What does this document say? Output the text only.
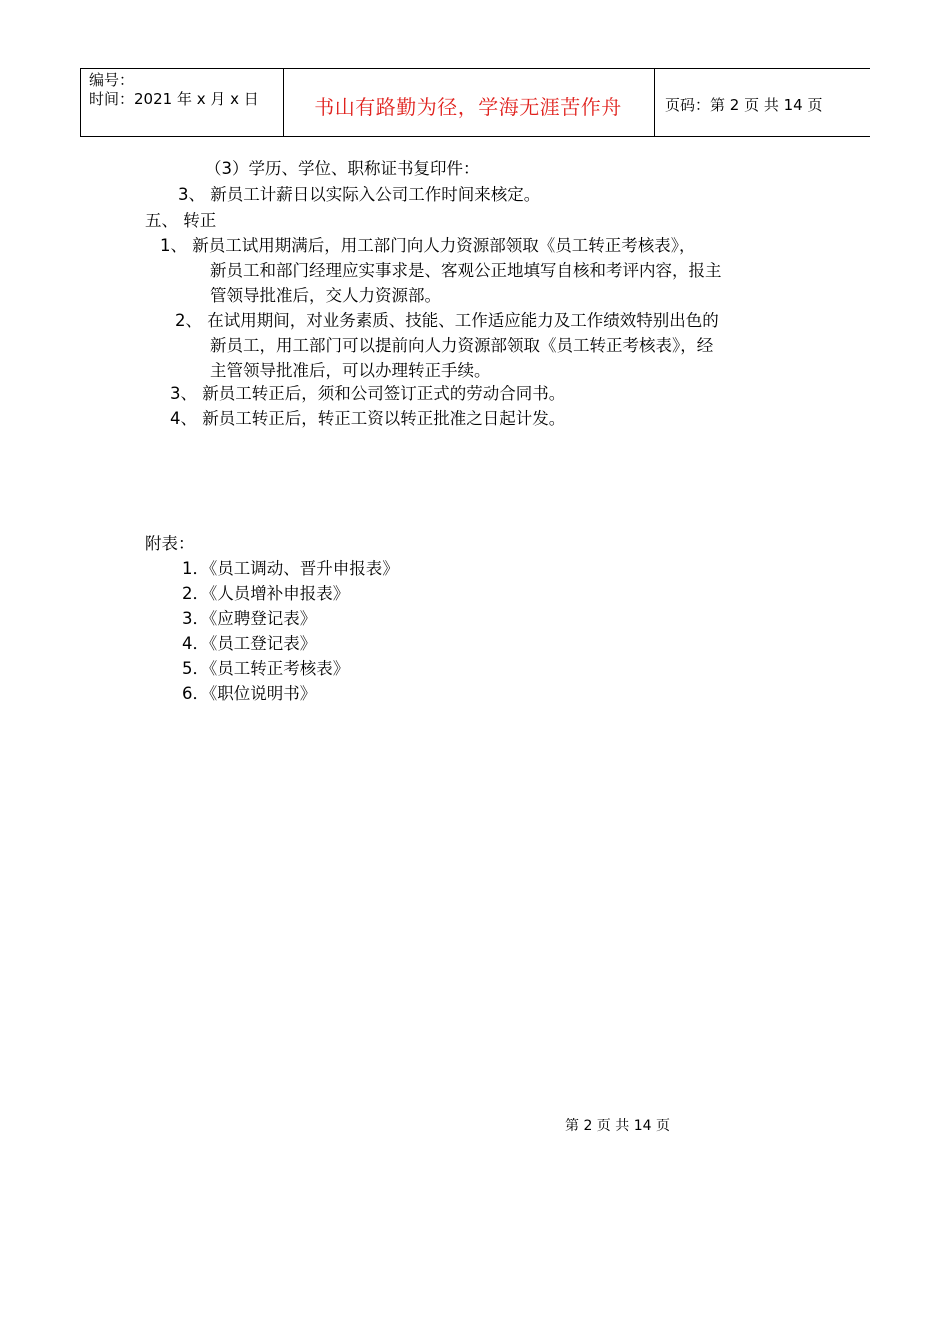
编号：
时间：2021 年 x 月 x 日	书山有路勤为径，学海无涯苦作舟	页码：第 2 页 共 14 页
（3）学历、学位、职称证书复印件：
3、 新员工计薪日以实际入公司工作时间来核定。
五、 转正
1、 新员工试用期满后，用工部门向人力资源部领取《员工转正考核表》，
新员工和部门经理应实事求是、客观公正地填写自核和考评内容，报主
管领导批准后，交人力资源部。
2、 在试用期间，对业务素质、技能、工作适应能力及工作绩效特别出色的
新员工，用工部门可以提前向人力资源部领取《员工转正考核表》，经
主管领导批准后，可以办理转正手续。
3、 新员工转正后，须和公司签订正式的劳动合同书。
4、 新员工转正后，转正工资以转正批准之日起计发。
附表：
1．《员工调动、晋升申报表》
2．《人员增补申报表》
3．《应聘登记表》
4．《员工登记表》
5．《员工转正考核表》
6．《职位说明书》
第 2 页 共 14 页
